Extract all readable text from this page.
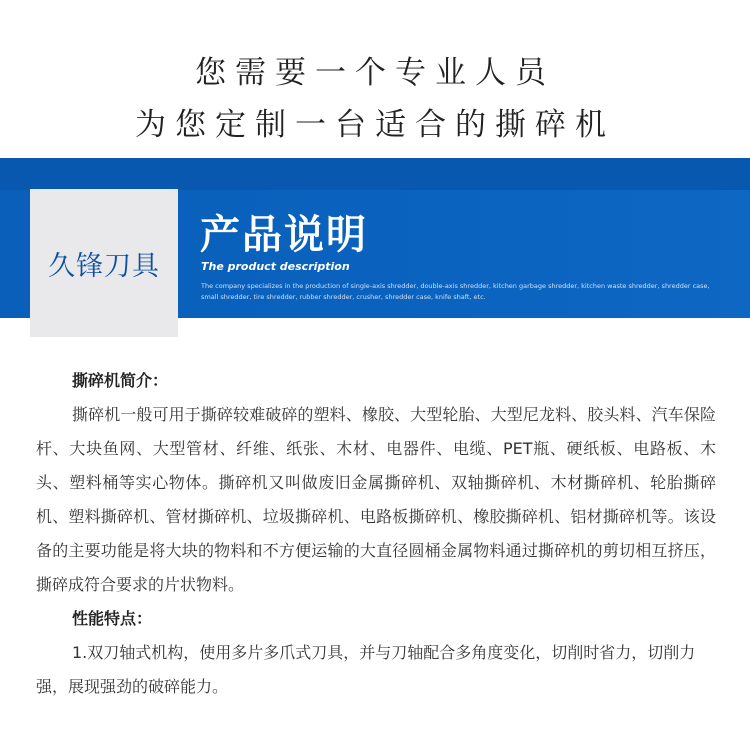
您需要一个专业人员
为您定制一台适合的撕碎机
久锋刀具
产品说明
The product description
The company specializes in the production of single-axis shredder, double-axis shredder, kitchen garbage shredder, kitchen waste shredder, shredder case, small shredder, tire shredder, rubber shredder, crusher, shredder case, knife shaft, etc.
撕碎机简介：

撕碎机一般可用于撕碎较难破碎的塑料、橡胶、大型轮胎、大型尼龙料、胶头料、汽车保险杆、大块鱼网、大型管材、纤维、纸张、木材、电器件、电缆、PET瓶、硬纸板、电路板、木头、塑料桶等实心物体。撕碎机又叫做废旧金属撕碎机、双轴撕碎机、木材撕碎机、轮胎撕碎机、塑料撕碎机、管材撕碎机、垃圾撕碎机、电路板撕碎机、橡胶撕碎机、铝材撕碎机等。该设备的主要功能是将大块的物料和不方便运输的大直径圆桶金属物料通过撕碎机的剪切相互挤压，撕碎成符合要求的片状物料。

性能特点：

1.双刀轴式机构，使用多片多爪式刀具，并与刀轴配合多角度变化，切削时省力，切削力强，展现强劲的破碎能力。
